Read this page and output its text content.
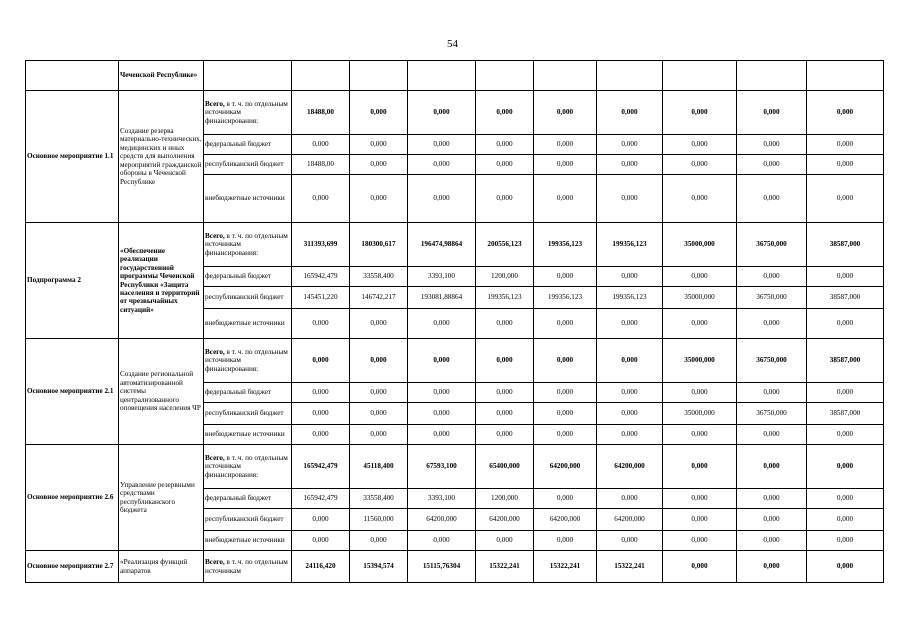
54
	Чеченской Республике»										
Основное мероприятие 1.1	Создание резерва материально-технических, медицинских и иных средств для выполнения мероприятий гражданской обороны в Чеченской Республике	Всего, в т. ч. по отдельным источникам финансирования:	18488,00	0,000	0,000	0,000	0,000	0,000	0,000	0,000	0,000
		федеральный бюджет	0,000	0,000	0,000	0,000	0,000	0,000	0,000	0,000	0,000
		республиканский бюджет	18488,00	0,000	0,000	0,000	0,000	0,000	0,000	0,000	0,000
		внебюджетные источники	0,000	0,000	0,000	0,000	0,000	0,000	0,000	0,000	0,000
Подпрограмма 2	«Обеспечение реализации государственной программы Чеченской Республики «Защита населения и территорий от чрезвычайных ситуаций»	Всего, в т. ч. по отдельным источникам финансирования:	311393,699	180300,617	196474,98864	200556,123	199356,123	199356,123	35000,000	36750,000	38587,000
		федеральный бюджет	165942,479	33558,400	3393,100	1200,000	0,000	0,000	0,000	0,000	0,000
		республиканский бюджет	145451,220	146742,217	193081,88864	199356,123	199356,123	199356,123	35000,000	36750,000	38587,000
		внебюджетные источники	0,000	0,000	0,000	0,000	0,000	0,000	0,000	0,000	0,000
Основное мероприятие 2.1	Создание региональной автоматизированной системы централизованного оповещения населения ЧР	Всего, в т. ч. по отдельным источникам финансирования:	0,000	0,000	0,000	0,000	0,000	0,000	35000,000	36750,000	38587,000
		федеральный бюджет	0,000	0,000	0,000	0,000	0,000	0,000	0,000	0,000	0,000
		республиканский бюджет	0,000	0,000	0,000	0,000	0,000	0,000	35000,000	36750,000	38587,000
		внебюджетные источники	0,000	0,000	0,000	0,000	0,000	0,000	0,000	0,000	0,000
Основное мероприятие 2.6	Управление резервными средствами республиканского бюджета	Всего, в т. ч. по отдельным источникам финансирования:	165942,479	45118,400	67593,100	65400,000	64200,000	64200,000	0,000	0,000	0,000
		федеральный бюджет	165942,479	33558,400	3393,100	1200,000	0,000	0,000	0,000	0,000	0,000
		республиканский бюджет	0,000	11560,000	64200,000	64200,000	64200,000	64200,000	0,000	0,000	0,000
		внебюджетные источники	0,000	0,000	0,000	0,000	0,000	0,000	0,000	0,000	0,000
Основное мероприятие 2.7	«Реализация функций аппаратов	Всего, в т. ч. по отдельным источникам	24116,420	15394,574	15115,76304	15322,241	15322,241	15322,241	0,000	0,000	0,000
